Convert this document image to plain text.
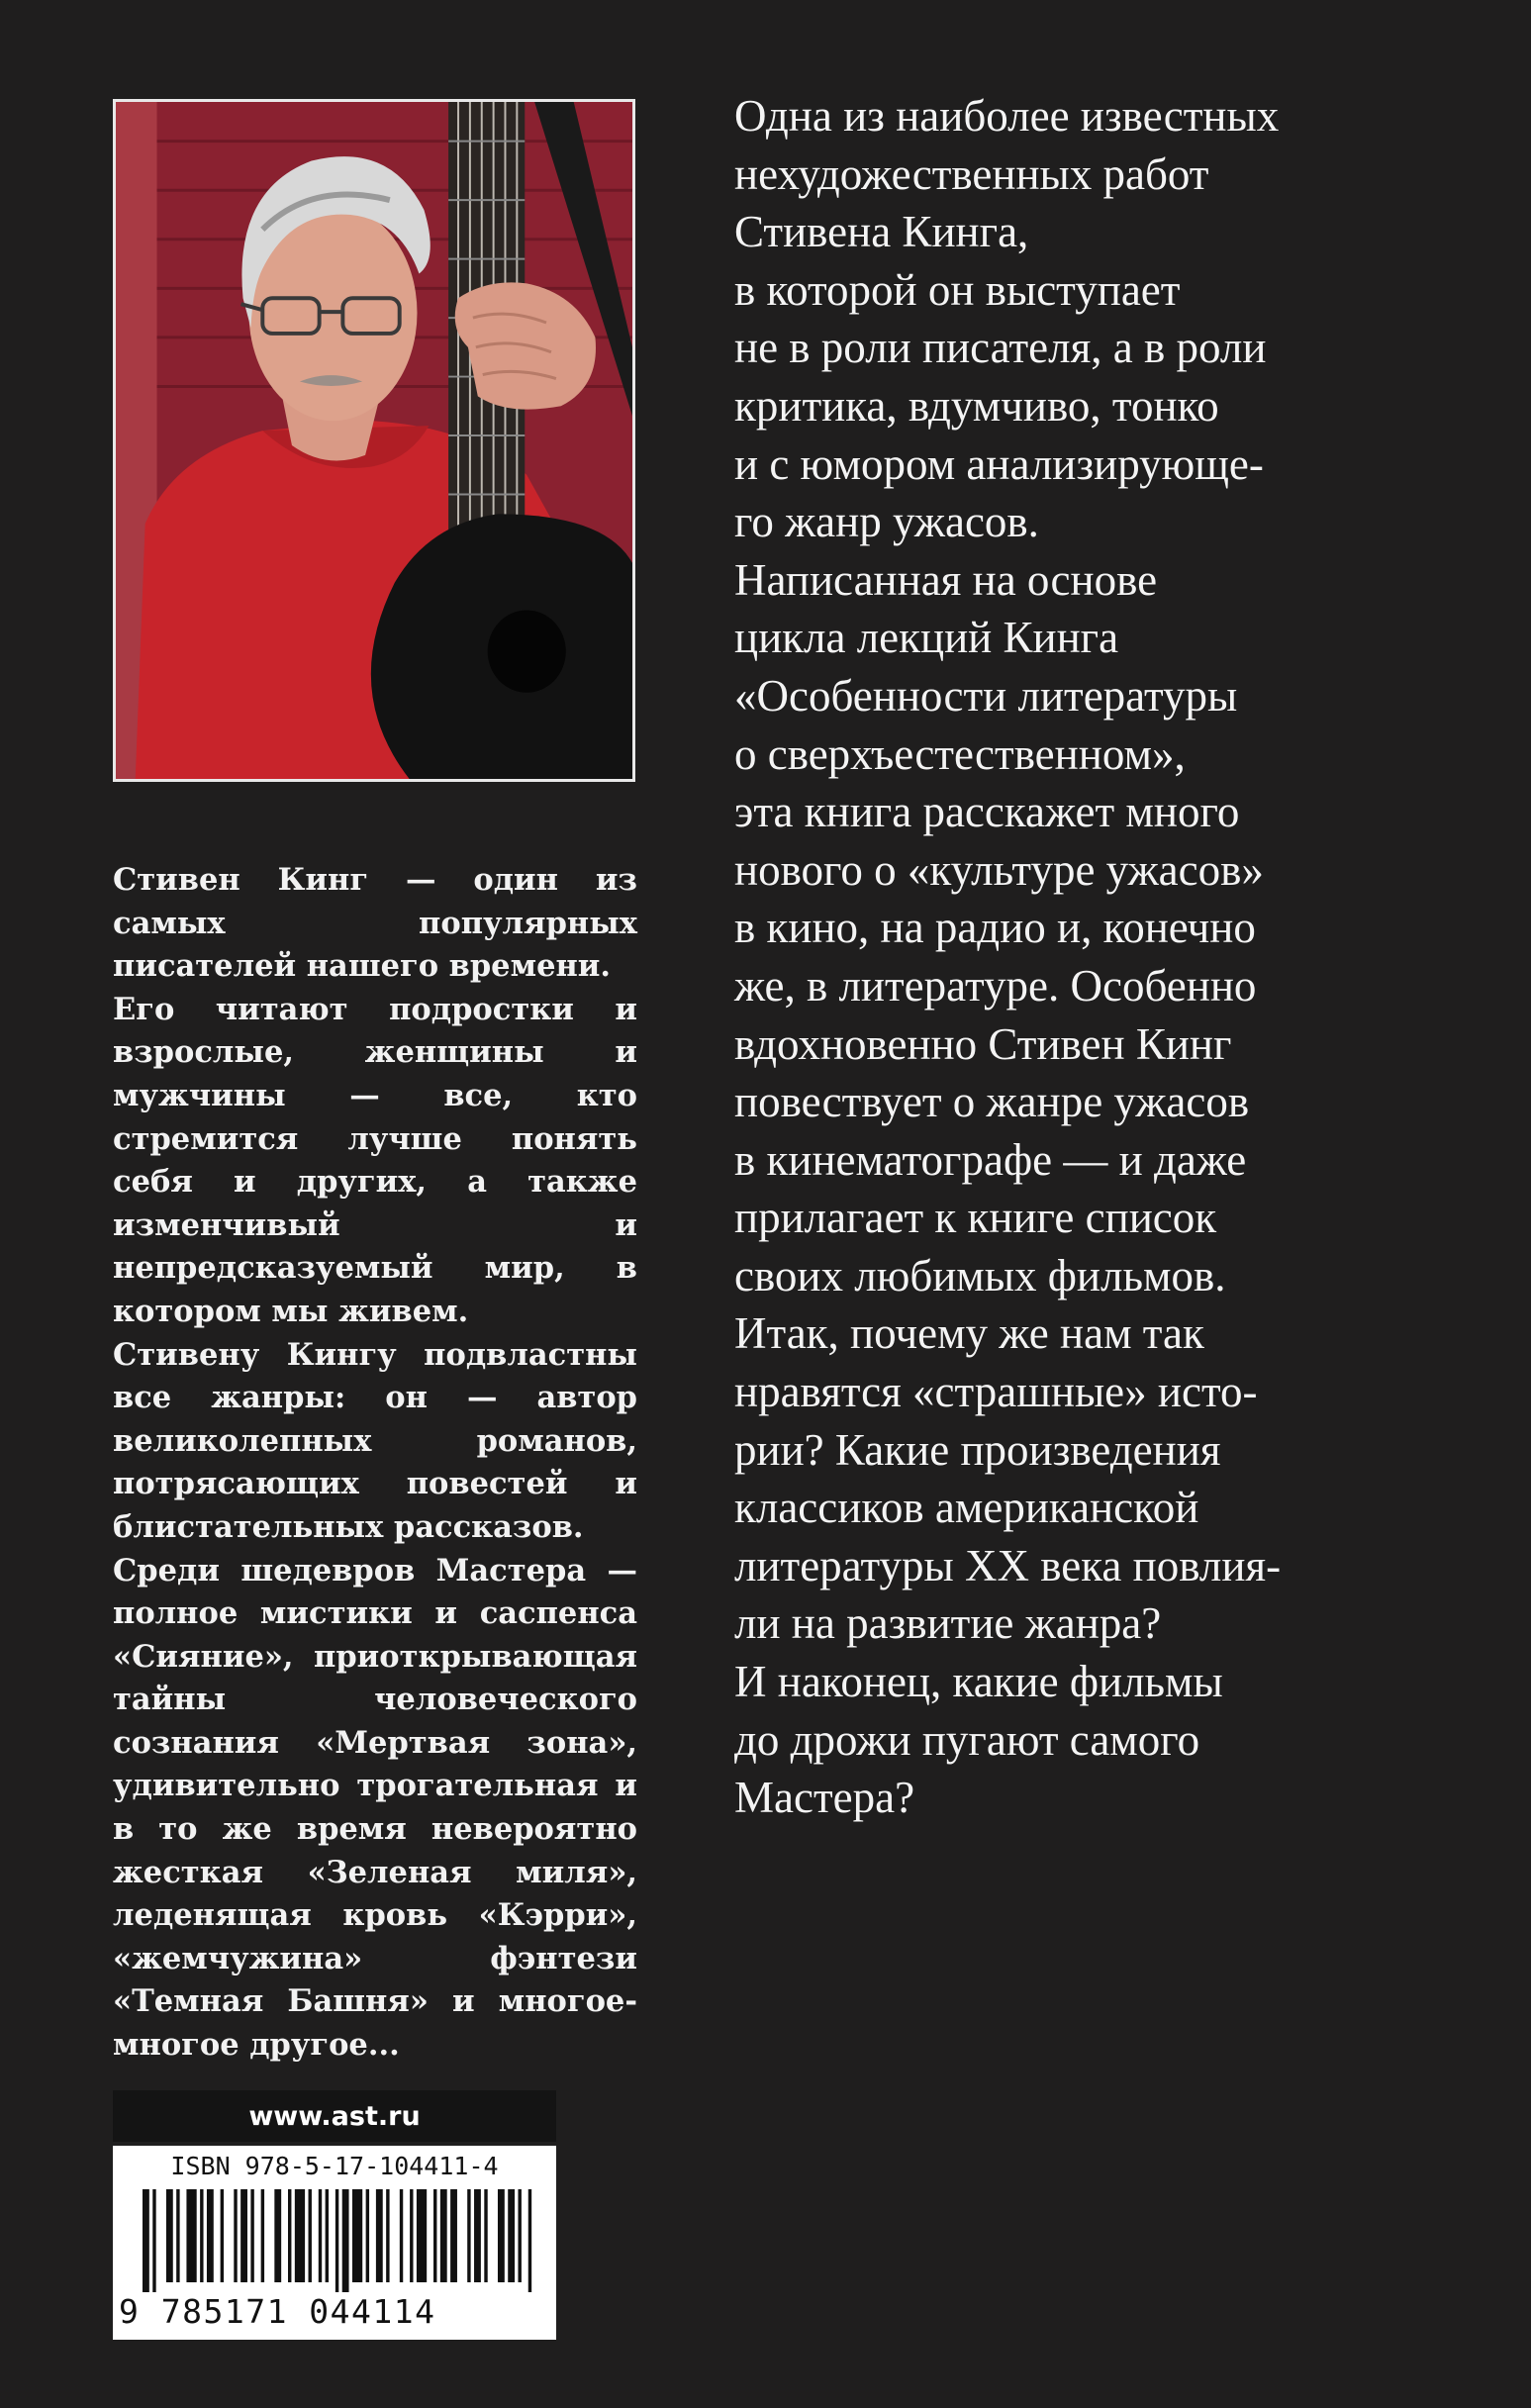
Стивен Кинг — один из самых популярных писателей нашего времени.

Его читают подростки и взрослые, женщины и мужчины — все, кто стремится лучше понять себя и других, а также изменчивый и непредсказуемый мир, в котором мы живем.

Стивену Кингу подвластны все жанры: он — автор великолепных романов, потрясающих повестей и блистательных рассказов.

Среди шедевров Мастера — полное мистики и саспенса «Сияние», приоткрывающая тайны человеческого сознания «Мертвая зона», удивительно трогательная и в то же время невероятно жесткая «Зеленая миля», леденящая кровь «Кэрри», «жемчужина» фэнтези «Темная Башня» и многое-многое другое...

Одна из наиболее известных
нехудожественных работ
Стивена Кинга,
в которой он выступает
не в роли писателя, а в роли
критика, вдумчиво, тонко
и с юмором анализирующе-
го жанр ужасов.
Написанная на основе
цикла лекций Кинга
«Особенности литературы
о сверхъестественном»,
эта книга расскажет много
нового о «культуре ужасов»
в кино, на радио и, конечно
же, в литературе. Особенно
вдохновенно Стивен Кинг
повествует о жанре ужасов
в кинематографе — и даже
прилагает к книге список
своих любимых фильмов.
Итак, почему же нам так
нравятся «страшные» исто-
рии? Какие произведения
классиков американской
литературы XX века повлия-
ли на развитие жанра?
И наконец, какие фильмы
до дрожи пугают самого
Мастера?
www.ast.ru
ISBN 978-5-17-104411-4
9 785171 044114
